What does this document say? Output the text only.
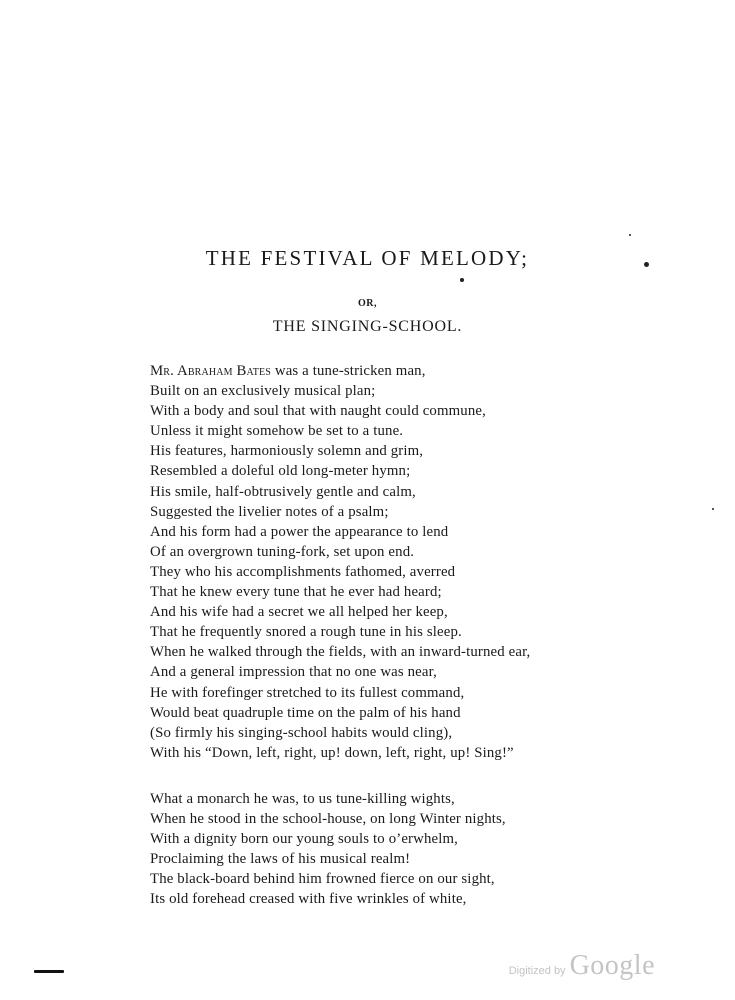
THE FESTIVAL OF MELODY;
OR,
THE SINGING-SCHOOL.
Mr. Abraham Bates was a tune-stricken man,
Built on an exclusively musical plan;
With a body and soul that with naught could commune,
Unless it might somehow be set to a tune.
His features, harmoniously solemn and grim,
Resembled a doleful old long-meter hymn;
His smile, half-obtrusively gentle and calm,
Suggested the livelier notes of a psalm;
And his form had a power the appearance to lend
Of an overgrown tuning-fork, set upon end.
They who his accomplishments fathomed, averred
That he knew every tune that he ever had heard;
And his wife had a secret we all helped her keep,
That he frequently snored a rough tune in his sleep.
When he walked through the fields, with an inward-turned ear,
And a general impression that no one was near,
He with forefinger stretched to its fullest command,
Would beat quadruple time on the palm of his hand
(So firmly his singing-school habits would cling),
With his “Down, left, right, up! down, left, right, up! Sing!”
What a monarch he was, to us tune-killing wights,
When he stood in the school-house, on long Winter nights,
With a dignity born our young souls to o’erwhelm,
Proclaiming the laws of his musical realm!
The black-board behind him frowned fierce on our sight,
Its old forehead creased with five wrinkles of white,
Digitized by Google
